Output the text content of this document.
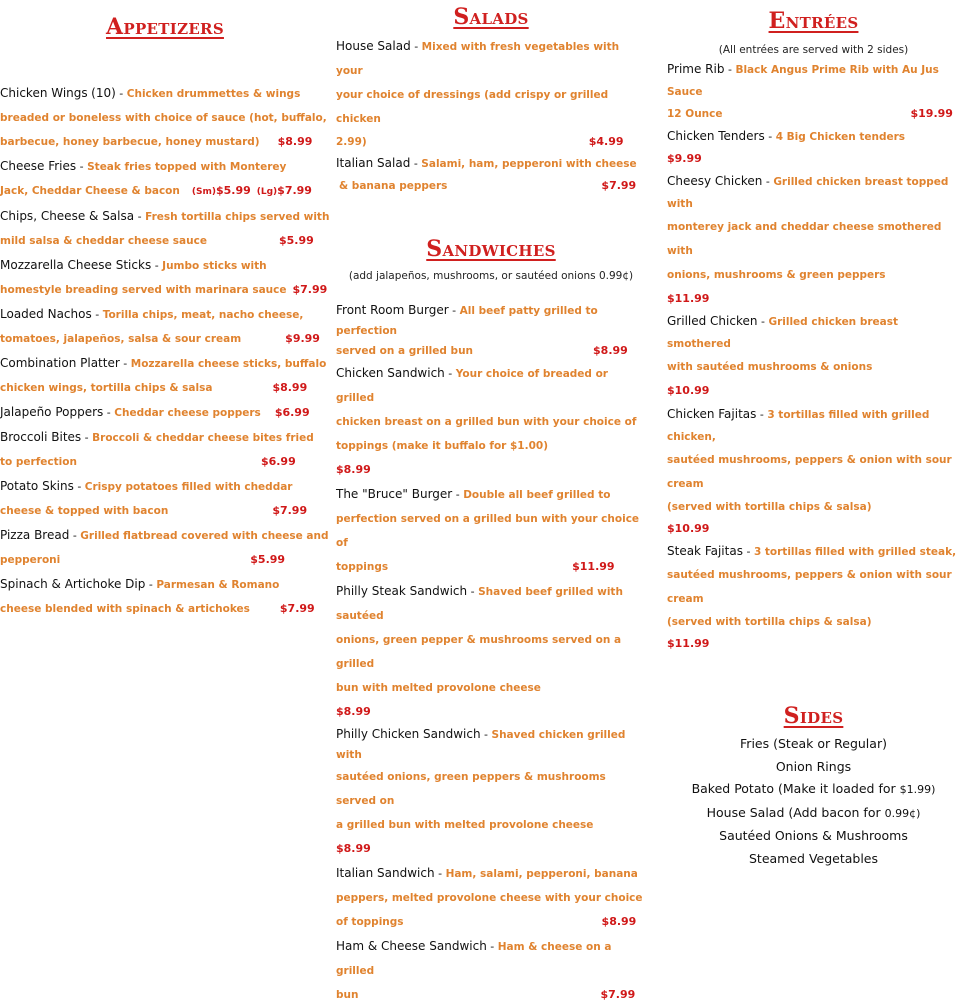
Appetizers

Chicken Wings (10) - Chicken drummettes & wings

breaded or boneless with choice of sauce (hot, buffalo,

barbecue, honey barbecue, honey mustard) $8.99

Cheese Fries - Steak fries topped with Monterey

Jack, Cheddar Cheese & bacon (Sm)$5.99 (Lg)$7.99

Chips, Cheese & Salsa - Fresh tortilla chips served with

mild salsa & cheddar cheese sauce	$5.99

Mozzarella Cheese Sticks - Jumbo sticks with

homestyle breading served with marinara sauce $7.99

Loaded Nachos - Torilla chips, meat, nacho cheese,

tomatoes, jalapeños, salsa & sour cream	$9.99

Combination Platter - Mozzarella cheese sticks, buffalo

chicken wings, tortilla chips & salsa	$8.99

Jalapeño Poppers - Cheddar cheese poppers $6.99

Broccoli Bites - Broccoli & cheddar cheese bites fried

to perfection	$6.99

Potato Skins - Crispy potatoes filled with cheddar

cheese & topped with bacon	$7.99

Pizza Bread - Grilled flatbread covered with cheese and

pepperoni	$5.99

Spinach & Artichoke Dip - Parmesan & Romano

cheese blended with spinach & artichokes	$7.99

Salads

House Salad - Mixed with fresh vegetables with your

your choice of dressings (add crispy or grilled chicken

2.99)	$4.99

Italian Salad - Salami, ham, pepperoni with cheese

& banana peppers	$7.99

Sandwiches
(add jalapeños, mushrooms, or sautéed onions 0.99¢)

Front Room Burger - All beef patty grilled to perfection

served on a grilled bun	$8.99

Chicken Sandwich - Your choice of breaded or grilled

chicken breast on a grilled bun with your choice of

toppings (make it buffalo for $1.00)$8.99

The "Bruce" Burger - Double all beef grilled to

perfection served on a grilled bun with your choice of

toppings	$11.99

Philly Steak Sandwich - Shaved beef grilled with sautéed

onions, green pepper & mushrooms served on a grilled

bun with melted provolone cheese$8.99

Philly Chicken Sandwich - Shaved chicken grilled with

sautéed onions, green peppers & mushrooms served on

a grilled bun with melted provolone cheese$8.99

Italian Sandwich - Ham, salami, pepperoni, banana

peppers, melted provolone cheese with your choice

of toppings	$8.99

Ham & Cheese Sandwich - Ham & cheese on a grilled

bun	$7.99

Entrées
(All entrées are served with 2 sides)

Prime Rib - Black Angus Prime Rib with Au Jus Sauce

12 Ounce	$19.99

Chicken Tenders - 4 Big Chicken tenders$9.99

Cheesy Chicken - Grilled chicken breast topped with

monterey jack and cheddar cheese smothered with

onions, mushrooms & green peppers$11.99

Grilled Chicken - Grilled chicken breast smothered

with sautéed mushrooms & onions$10.99

Chicken Fajitas - 3 tortillas filled with grilled chicken,

sautéed mushrooms, peppers & onion with sour cream

(served with tortilla chips & salsa)$10.99

Steak Fajitas - 3 tortillas filled with grilled steak,

sautéed mushrooms, peppers & onion with sour cream

(served with tortilla chips & salsa)$11.99

Sides
Fries (Steak or Regular)
Onion Rings
Baked Potato (Make it loaded for $1.99)
House Salad (Add bacon for 0.99¢)
Sautéed Onions & Mushrooms
Steamed Vegetables
